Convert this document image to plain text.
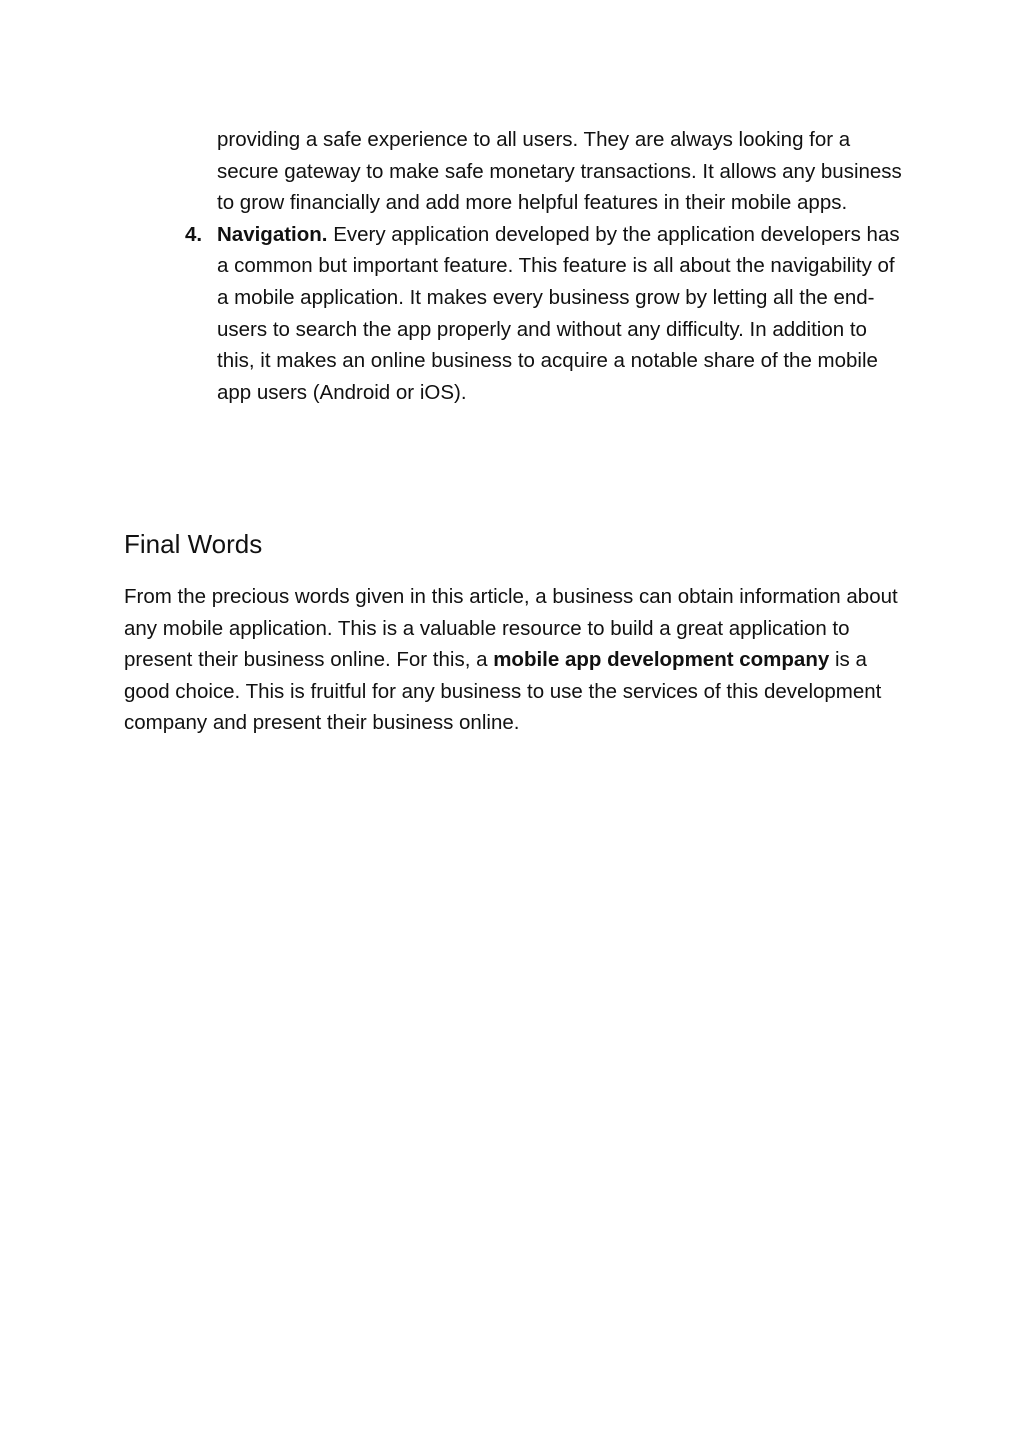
providing a safe experience to all users. They are always looking for a secure gateway to make safe monetary transactions. It allows any business to grow financially and add more helpful features in their mobile apps.

4. Navigation. Every application developed by the application developers has a common but important feature. This feature is all about the navigability of a mobile application. It makes every business grow by letting all the end-users to search the app properly and without any difficulty. In addition to this, it makes an online business to acquire a notable share of the mobile app users (Android or iOS).

Final Words

From the precious words given in this article, a business can obtain information about any mobile application. This is a valuable resource to build a great application to present their business online. For this, a mobile app development company is a good choice. This is fruitful for any business to use the services of this development company and present their business online.
